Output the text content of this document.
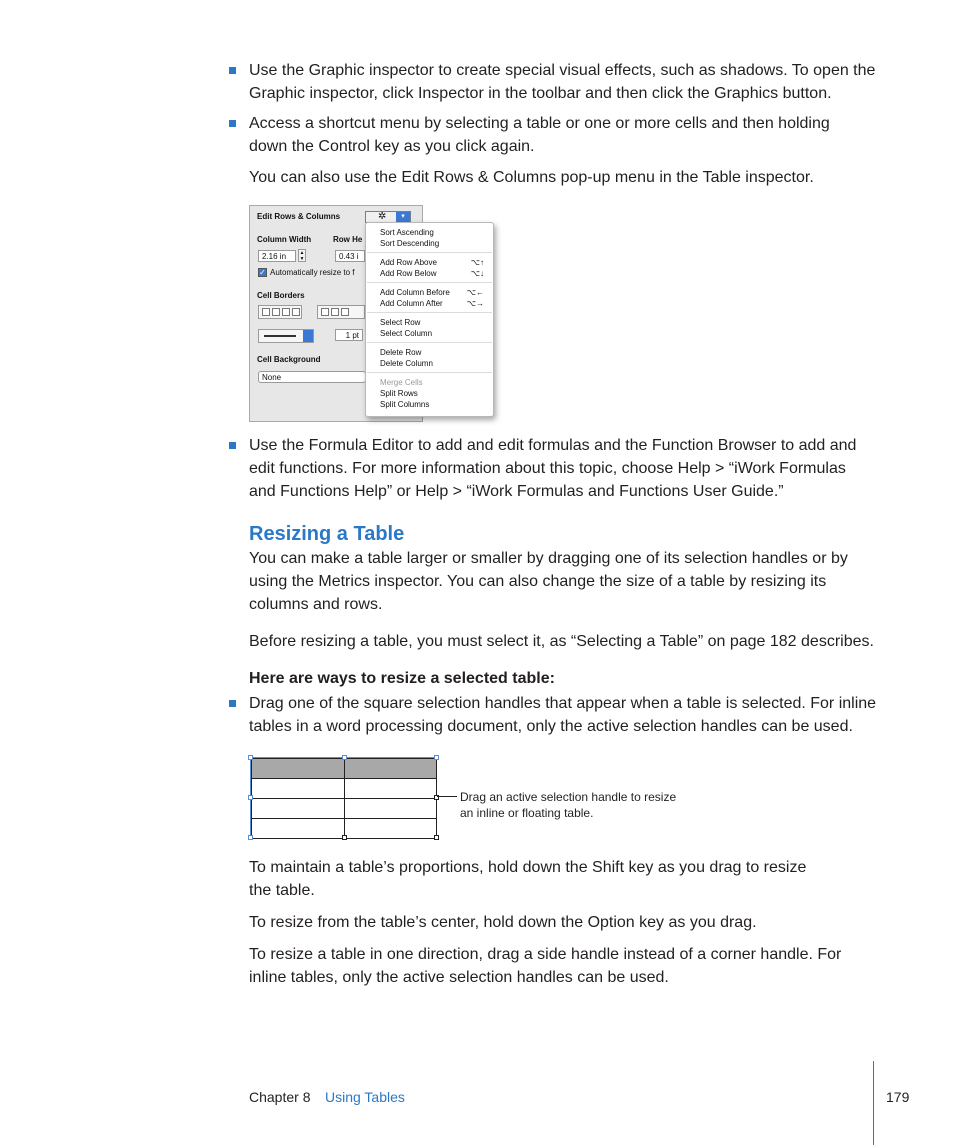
Use the Graphic inspector to create special visual effects, such as shadows. To open the Graphic inspector, click Inspector in the toolbar and then click the Graphics button.

Access a shortcut menu by selecting a table or one or more cells and then holding down the Control key as you click again.

You can also use the Edit Rows & Columns pop-up menu in the Table inspector.

Edit Rows & Columns	✲	▾
Column Width	Row He
2.16 in	▲
▼	0.43 i
✓ Automatically resize to f
Cell Borders
1 pt
Cell Background
None
Sort Ascending
Sort Descending
Add Row Above	⌥↑
Add Row Below	⌥↓
Add Column Before ⌥←
Add Column After	⌥→
Select Row
Select Column
Delete Row
Delete Column
Merge Cells
Split Rows
Split Columns

Use the Formula Editor to add and edit formulas and the Function Browser to add and edit functions. For more information about this topic, choose Help > “iWork Formulas and Functions Help” or Help > “iWork Formulas and Functions User Guide.”

Resizing a Table

You can make a table larger or smaller by dragging one of its selection handles or by using the Metrics inspector. You can also change the size of a table by resizing its columns and rows.

Before resizing a table, you must select it, as “Selecting a Table” on page 182 describes.

Here are ways to resize a selected table:

Drag one of the square selection handles that appear when a table is selected. For inline tables in a word processing document, only the active selection handles can be used.

Drag an active selection handle to resize an inline or floating table.

To maintain a table’s proportions, hold down the Shift key as you drag to resize the table.

To resize from the table’s center, hold down the Option key as you drag.

To resize a table in one direction, drag a side handle instead of a corner handle. For inline tables, only the active selection handles can be used.

Chapter 8 Using Tables	179
